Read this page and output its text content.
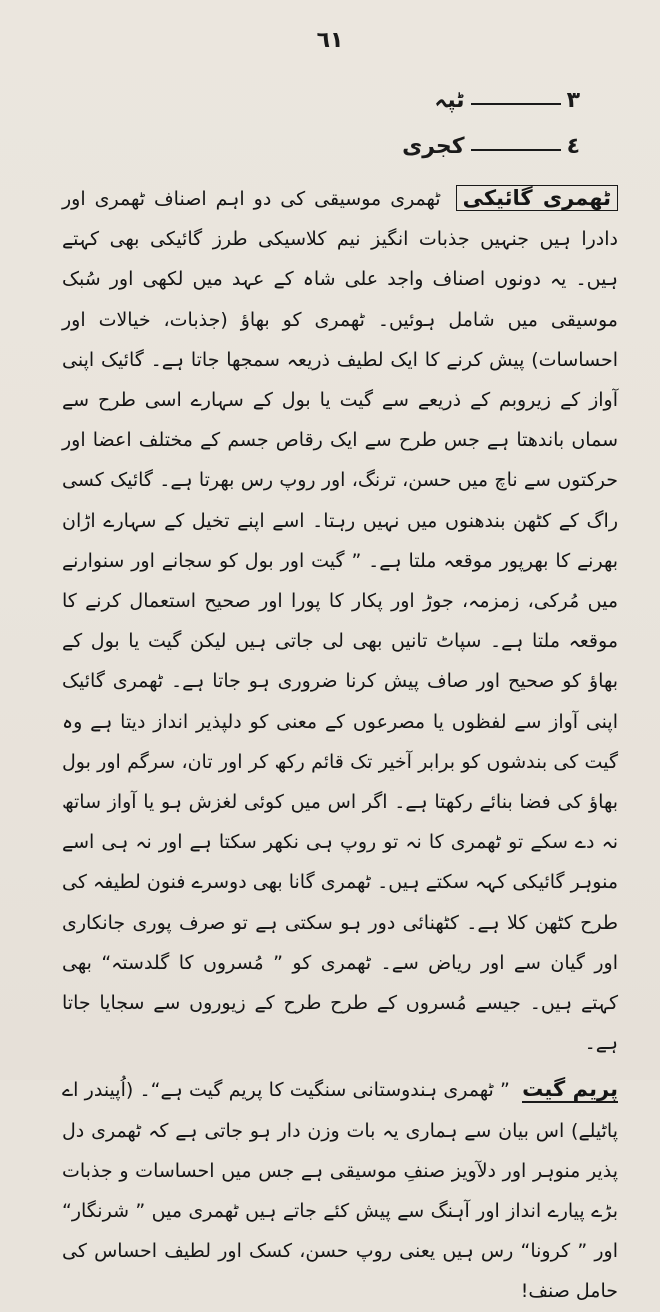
٦١
٣
ٹپہ
٤
کجری

ٹھمری گائیکی ٹھمری موسیقی کی دو اہم اصناف ٹھمری اور دادرا ہیں جنہیں جذبات انگیز نیم کلاسیکی طرز گائیکی بھی کہتے ہیں۔ یہ دونوں اصناف واجد علی شاہ کے عہد میں لکھی اور سُبک موسیقی میں شامل ہوئیں۔ ٹھمری کو بھاؤ (جذبات، خیالات اور احساسات) پیش کرنے کا ایک لطیف ذریعہ سمجھا جاتا ہے۔ گائیک اپنی آواز کے زیروبم کے ذریعے سے گیت یا بول کے سہارے اسی طرح سے سماں باندھتا ہے جس طرح سے ایک رقاص جسم کے مختلف اعضا اور حرکتوں سے ناچ میں حسن، ترنگ، اور روپ رس بھرتا ہے۔ گائیک کسی راگ کے کٹھن بندھنوں میں نہیں رہتا۔ اسے اپنے تخیل کے سہارے اڑان بھرنے کا بھرپور موقعہ ملتا ہے۔ ” گیت اور بول کو سجانے اور سنوارنے میں مُرکی، زمزمہ، جوڑ اور پکار کا پورا اور صحیح استعمال کرنے کا موقعہ ملتا ہے۔ سپاٹ تانیں بھی لی جاتی ہیں لیکن گیت یا بول کے بھاؤ کو صحیح اور صاف پیش کرنا ضروری ہو جاتا ہے۔ ٹھمری گائیک اپنی آواز سے لفظوں یا مصرعوں کے معنی کو دلپذیر انداز دیتا ہے وہ گیت کی بندشوں کو برابر آخیر تک قائم رکھ کر اور تان، سرگم اور بول بھاؤ کی فضا بنائے رکھتا ہے۔ اگر اس میں کوئی لغزش ہو یا آواز ساتھ نہ دے سکے تو ٹھمری کا نہ تو روپ ہی نکھر سکتا ہے اور نہ ہی اسے منوہر گائیکی کہہ سکتے ہیں۔ ٹھمری گانا بھی دوسرے فنون لطیفہ کی طرح کٹھن کلا ہے۔ کٹھنائی دور ہو سکتی ہے تو صرف پوری جانکاری اور گیان سے اور ریاض سے۔ ٹھمری کو ” مُسروں کا گلدستہ“ بھی کہتے ہیں۔ جیسے مُسروں کے طرح طرح کے زیوروں سے سجایا جاتا ہے۔

پریم گیت ” ٹھمری ہندوستانی سنگیت کا پریم گیت ہے“۔ (اُپیندر اے پاٹیلے) اس بیان سے ہماری یہ بات وزن دار ہو جاتی ہے کہ ٹھمری دل پذیر منوہر اور دلآویز صنفِ موسیقی ہے جس میں احساسات و جذبات بڑے پیارے انداز اور آہنگ سے پیش کئے جاتے ہیں ٹھمری میں ” شرنگار“ اور ” کرونا“ رس ہیں یعنی روپ حسن، کسک اور لطیف احساس کی حامل صنف!
